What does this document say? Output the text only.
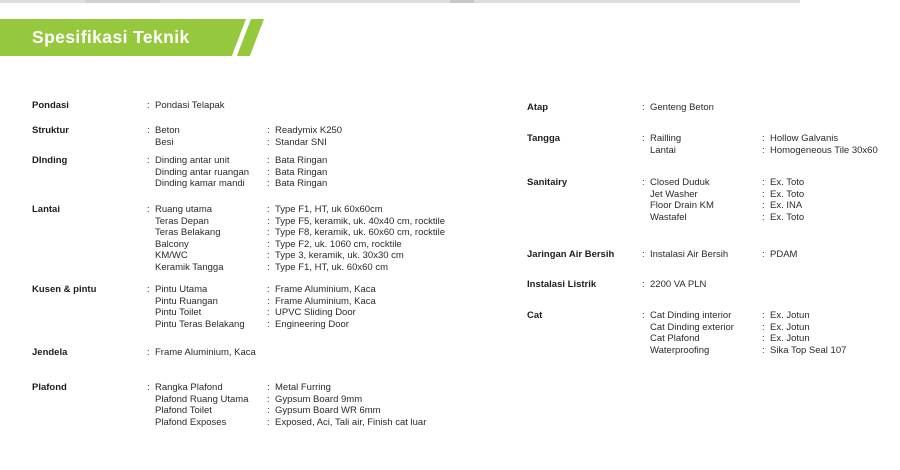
Spesifikasi Teknik
Pondasi	: Pondasi Telapak
Struktur	: Beton	: Readymix K250
Besi	: Standar SNI
DInding	: Dinding antar unit	: Bata Ringan
Dinding antar ruangan : Bata Ringan
Dinding kamar mandi : Bata Ringan
Lantai	: Ruang utama	: Type F1, HT, uk 60x60cm
Teras Depan	: Type F5, keramik, uk. 40x40 cm, rocktile
Teras Belakang	: Type F8, keramik, uk. 60x60 cm, rocktile
Balcony	: Type F2, uk. 1060 cm, rocktile
KM/WC	: Type 3, keramik, uk. 30x30 cm
Keramik Tangga	: Type F1, HT, uk. 60x60 cm
Kusen & pintu	: Pintu Utama	: Frame Aluminium, Kaca
Pintu Ruangan	: Frame Aluminium, Kaca
Pintu Toilet	: UPVC Sliding Door
Pintu Teras Belakang : Engineering Door
Jendela	: Frame Aluminium, Kaca
Plafond	: Rangka Plafond	: Metal Furring
Plafond Ruang Utama : Gypsum Board 9mm
Plafond Toilet	: Gypsum Board WR 6mm
Plafond Exposes	: Exposed, Aci, Tali air, Finish cat luar
Atap	: Genteng Beton
Tangga	: Railling	: Hollow Galvanis
Lantai	: Homogeneous Tile 30x60
Sanitairy	: Closed Duduk	: Ex. Toto
Jet Washer	: Ex. Toto
Floor Drain KM	: Ex. INA
Wastafel	: Ex. Toto
Jaringan Air Bersih	: Instalasi Air Bersih	: PDAM
Instalasi Listrik	: 2200 VA PLN
Cat	: Cat Dinding interior	: Ex. Jotun
Cat Dinding exterior	: Ex. Jotun
Cat Plafond	: Ex. Jotun
Waterproofing	: Sika Top Seal 107
